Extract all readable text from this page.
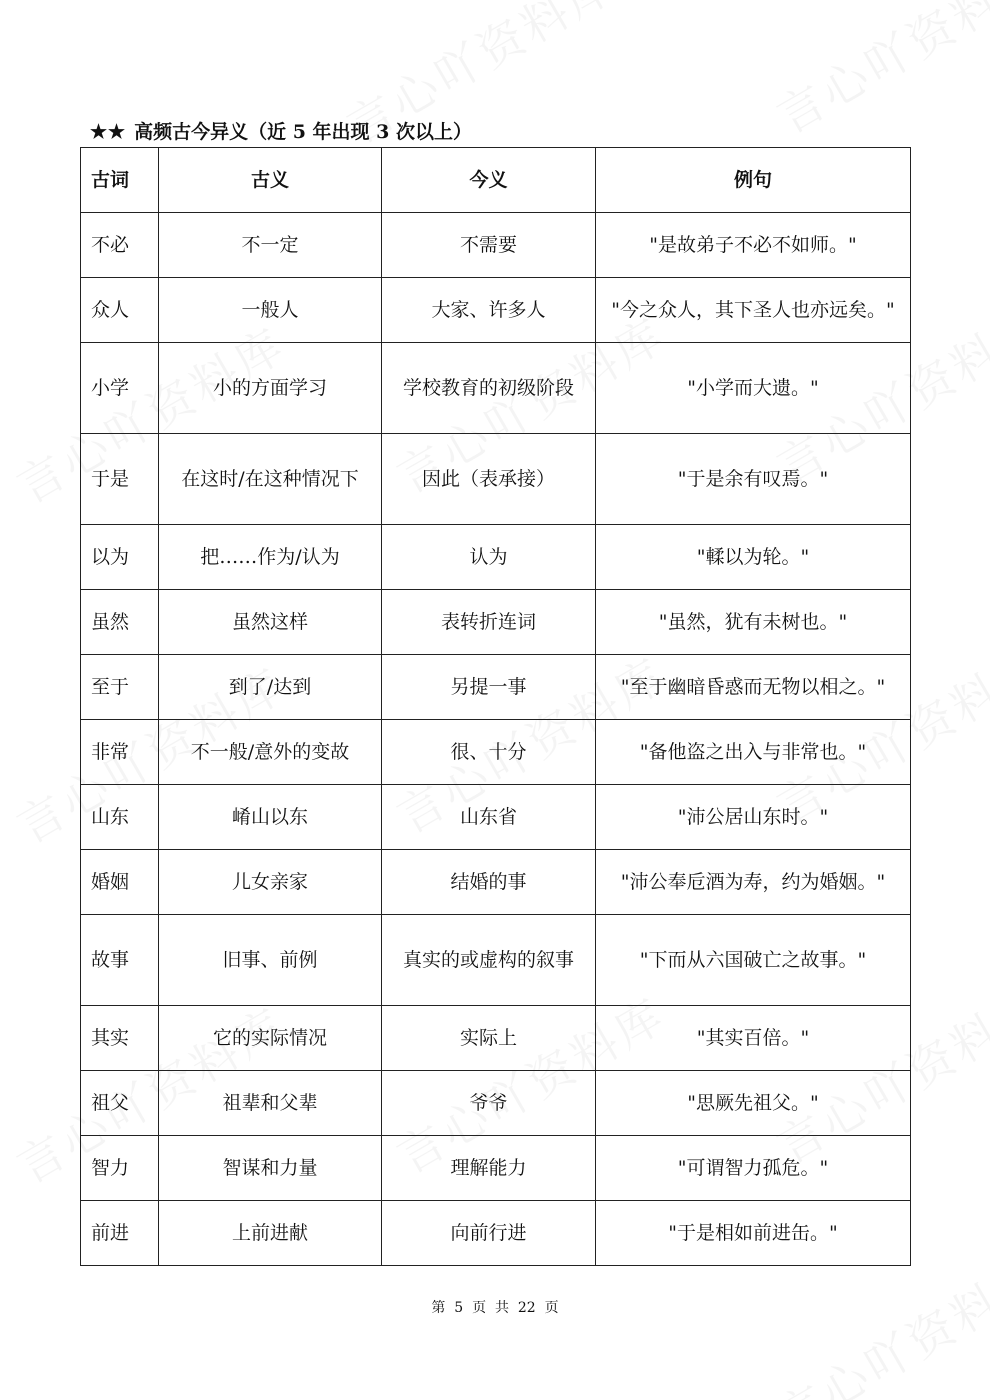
★★ 高频古今异义（近 5 年出现 3 次以上）
古词	古义	今义	例句
不必	不一定	不需要	"是故弟子不必不如师。"
众人	一般人	大家、许多人	"今之众人，其下圣人也亦远矣。"
小学	小的方面学习	学校教育的初级阶段	"小学而大遗。"
于是	在这时/在这种情况下	因此（表承接）	"于是余有叹焉。"
以为	把……作为/认为	认为	"輮以为轮。"
虽然	虽然这样	表转折连词	"虽然，犹有未树也。"
至于	到了/达到	另提一事	"至于幽暗昏惑而无物以相之。"
非常	不一般/意外的变故	很、十分	"备他盗之出入与非常也。"
山东	崤山以东	山东省	"沛公居山东时。"
婚姻	儿女亲家	结婚的事	"沛公奉卮酒为寿，约为婚姻。"
故事	旧事、前例	真实的或虚构的叙事	"下而从六国破亡之故事。"
其实	它的实际情况	实际上	"其实百倍。"
祖父	祖辈和父辈	爷爷	"思厥先祖父。"
智力	智谋和力量	理解能力	"可谓智力孤危。"
前进	上前进献	向前行进	"于是相如前进缶。"
第  5  页  共  22  页
